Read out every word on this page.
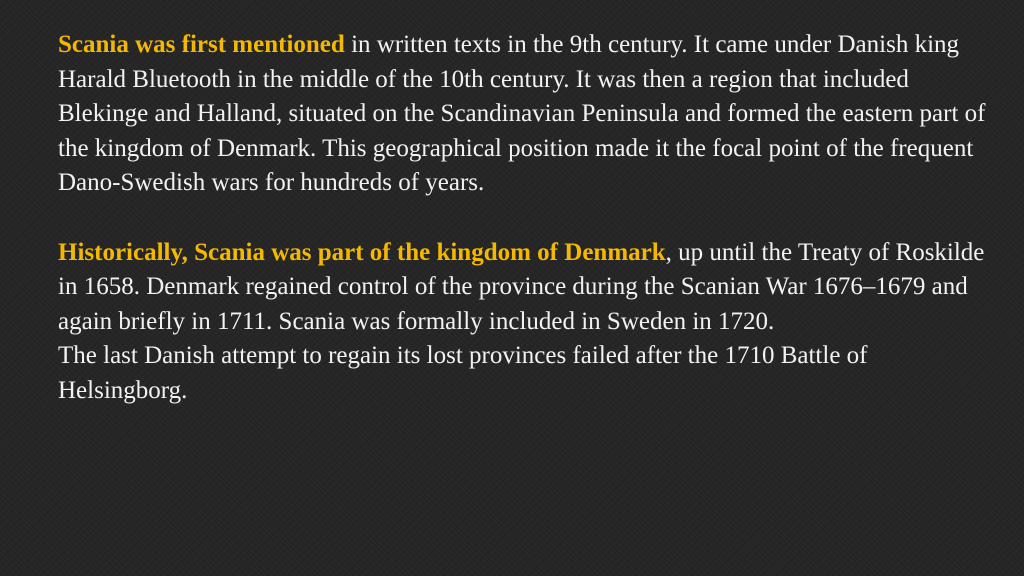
Scania was first mentioned in written texts in the 9th century. It came under Danish king Harald Bluetooth in the middle of the 10th century. It was then a region that included Blekinge and Halland, situated on the Scandinavian Peninsula and formed the eastern part of the kingdom of Denmark. This geographical position made it the focal point of the frequent Dano-Swedish wars for hundreds of years.

Historically, Scania was part of the kingdom of Denmark, up until the Treaty of Roskilde in 1658. Denmark regained control of the province during the Scanian War 1676–1679 and again briefly in 1711. Scania was formally included in Sweden in 1720.

The last Danish attempt to regain its lost provinces failed after the 1710 Battle of Helsingborg.
